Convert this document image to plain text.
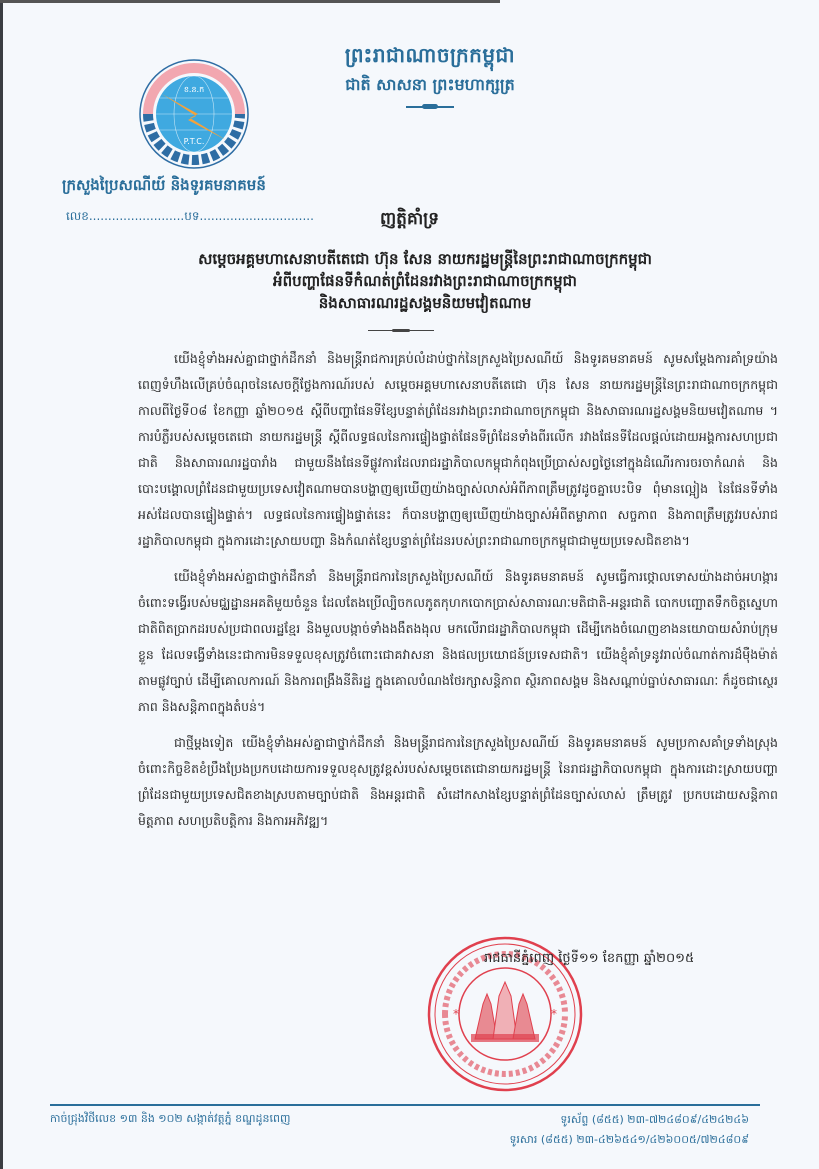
ព្រះរាជាណាចក្រកម្ពុជា
ជាតិ សាសនា ព្រះមហាក្សត្រ
ខ.ន.ក
P.T.C.
ក្រសួងប្រៃសណីយ៍ និងទូរគមនាគមន៍
លេខ.........................បទ..............................	ញត្តិគាំទ្រ
សម្តេចអគ្គមហាសេនាបតីតេជោ ហ៊ុន សែន នាយករដ្ឋមន្ត្រីនៃព្រះរាជាណាចក្រកម្ពុជា
អំពីបញ្ហាផែនទីកំណត់ព្រំដែនរវាងព្រះរាជាណាចក្រកម្ពុជា
និងសាធារណរដ្ឋសង្គមនិយមវៀតណាម

យើងខ្ញុំទាំងអស់គ្នាជាថ្នាក់ដឹកនាំ និងមន្ត្រីរាជការគ្រប់លំដាប់ថ្នាក់នៃក្រសួងប្រៃសណីយ៍ និងទូរគមនាគមន៍ សូមសម្តែងការគាំទ្រយ៉ាងពេញទំហឹងលើគ្រប់ចំណុចនៃសេចក្តីថ្លែងការណ៍របស់ សម្តេចអគ្គមហាសេនាបតីតេជោ ហ៊ុន សែន នាយករដ្ឋមន្ត្រីនៃព្រះរាជាណាចក្រកម្ពុជា កាលពីថ្ងៃទី០៨ ខែកញ្ញា ឆ្នាំ២០១៥ ស្តីពីបញ្ហាផែនទីខ្សែបន្ទាត់ព្រំដែនរវាងព្រះរាជាណាចក្រកម្ពុជា និងសាធារណរដ្ឋសង្គមនិយមវៀតណាម ។ ការបំភ្លឺរបស់សម្តេចតេជោ នាយករដ្ឋមន្ត្រី ស្តីពីលទ្ធផលនៃការផ្ទៀងផ្ទាត់ផែនទីព្រំដែនទាំងពីរលើក រវាងផែនទីដែលផ្តល់ដោយអង្គការសហប្រជាជាតិ និងសាធារណរដ្ឋបារាំង ជាមួយនឹងផែនទីផ្លូវការដែលរាជរដ្ឋាភិបាលកម្ពុជាកំពុងប្រើប្រាស់សព្វថ្ងៃនៅក្នុងដំណើរការចរចាកំណត់ និងបោះបង្គោលព្រំដែនជាមួយប្រទេសវៀតណាមបានបង្ហាញឲ្យឃើញយ៉ាងច្បាស់លាស់អំពីភាពត្រឹមត្រូវដូចគ្នាបេះបិទ ពុំមានល្អៀង នៃផែនទីទាំងអស់ដែលបានផ្ទៀងផ្ទាត់។ លទ្ធផលនៃការផ្ទៀងផ្ទាត់នេះ ក៏បានបង្ហាញឲ្យឃើញយ៉ាងច្បាស់អំពីតម្លាភាព សច្ចភាព និងភាពត្រឹមត្រូវរបស់រាជរដ្ឋាភិបាលកម្ពុជា ក្នុងការដោះស្រាយបញ្ហា និងកំណត់ខ្សែបន្ទាត់ព្រំដែនរបស់ព្រះរាជាណាចក្រកម្ពុជាជាមួយប្រទេសជិតខាង។

យើងខ្ញុំទាំងអស់គ្នាជាថ្នាក់ដឹកនាំ និងមន្ត្រីរាជការនៃក្រសួងប្រៃសណីយ៍ និងទូរគមនាគមន៍ សូមធ្វើការថ្កោលទោសយ៉ាងដាច់អហង្ការចំពោះទង្វើរបស់មជ្ឈដ្ឋានអគតិមួយចំនួន ដែលតែងប្រើល្បិចកលភូតកុហកបោកប្រាស់សាធារណៈមតិជាតិ-អន្តរជាតិ បោកបញ្ឆោតទឹកចិត្តស្នេហាជាតិពិតប្រាកដរបស់ប្រជាពលរដ្ឋខ្មែរ និងមួលបង្កាច់ទាំងងងឹតងងុល មកលើរាជរដ្ឋាភិបាលកម្ពុជា ដើម្បីកេងចំណេញខាងនយោបាយសំរាប់ក្រុមខ្លួន ដែលទង្វើទាំងនេះជាការមិនទទួលខុសត្រូវចំពោះជោគវាសនា និងផលប្រយោជន៍ប្រទេសជាតិ។ យើងខ្ញុំគាំទ្រនូវរាល់ចំណាត់ការដ៏មុឺងម៉ាត់តាមផ្លូវច្បាប់ ដើម្បីគោលការណ៍ និងការពង្រឹងនីតិរដ្ឋ ក្នុងគោលបំណងថែរក្សាសន្តិភាព ស្ថិរភាពសង្គម និងសណ្តាប់ធ្នាប់សាធារណៈ ក៏ដូចជាស្ថេរភាព និងសន្តិភាពក្នុងតំបន់។

ជាថ្មីម្តងទៀត យើងខ្ញុំទាំងអស់គ្នាជាថ្នាក់ដឹកនាំ និងមន្ត្រីរាជការនៃក្រសួងប្រៃសណីយ៍ និងទូរគមនាគមន៍ សូមប្រកាសគាំទ្រទាំងស្រុងចំពោះកិច្ចខិតខំប្រឹងប្រែងប្រកបដោយការទទួលខុសត្រូវខ្ពស់របស់សម្តេចតេជោនាយករដ្ឋមន្ត្រី នៃរាជរដ្ឋាភិបាលកម្ពុជា ក្នុងការដោះស្រាយបញ្ហាព្រំដែនជាមួយប្រទេសជិតខាងស្របតាមច្បាប់ជាតិ និងអន្តរជាតិ សំដៅកសាងខ្សែបន្ទាត់ព្រំដែនច្បាស់លាស់ ត្រឹមត្រូវ ប្រកបដោយសន្តិភាព មិត្តភាព សហប្រតិបត្តិការ និងការអភិវឌ្ឍ។

*	*
រាជធានីភ្នំពេញ ថ្ងៃទី១១ ខែកញ្ញា ឆ្នាំ២០១៥
កាច់ជ្រុងវិថីលេខ ១៣ និង ១០២ សង្កាត់វត្តភ្នំ ខណ្ឌដូនពេញ	ទូរស័ព្ទ (៨៥៥) ២៣-៧២៤៨០៩/៤២៤២៤៦
ទូរសារ (៨៥៥) ២៣-៤២៦៥៤១/៤២៦០០៥/៧២៤៨០៩
